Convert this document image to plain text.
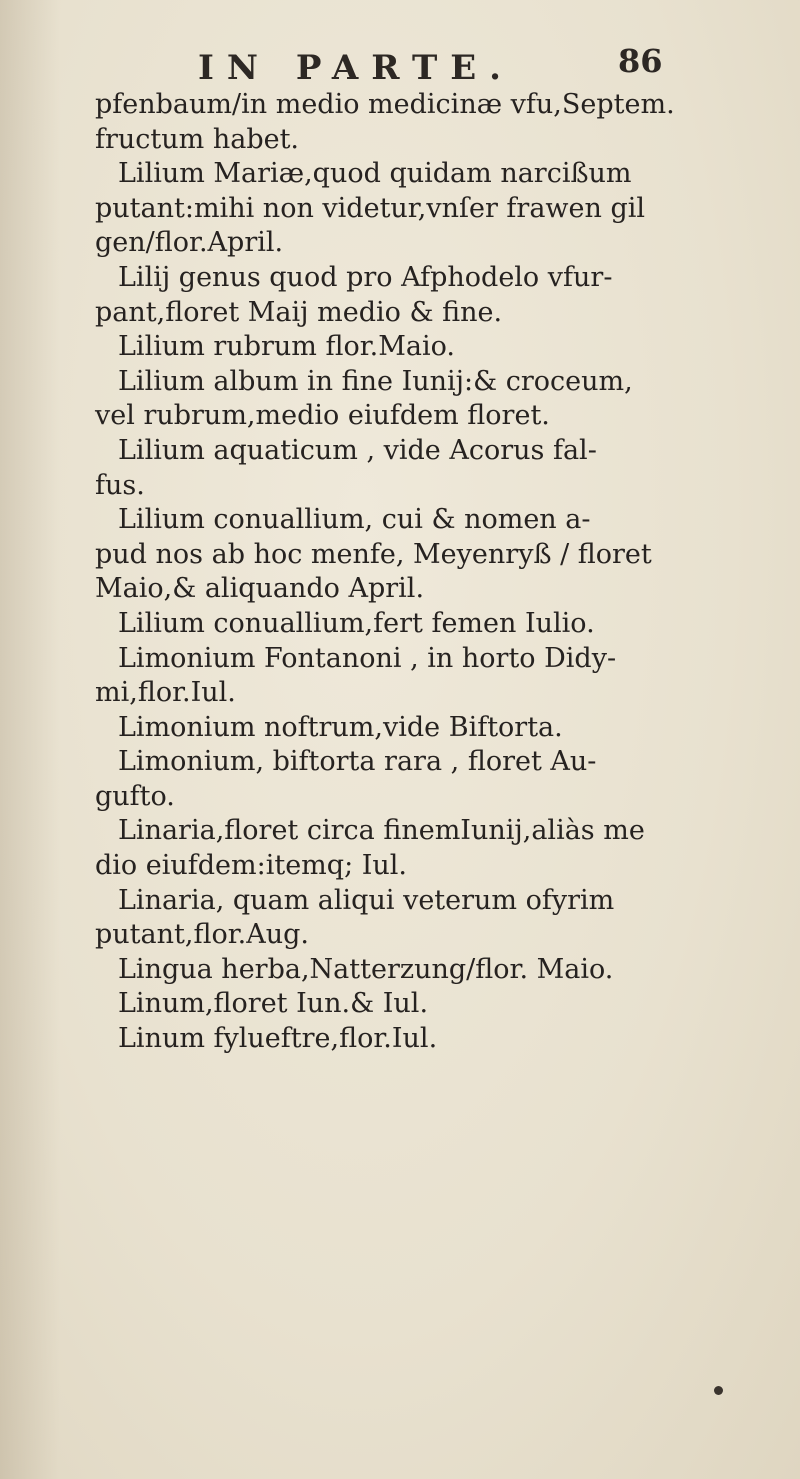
IN PARTE.	86
pfenbaum/in medio medicinæ vfu,Septem.
fructum habet.
Lilium Mariæ,quod quidam narcißum
putant:mihi non videtur,vnſer frawen gil
gen/flor.April.
Lilij genus quod pro Afphodelo vfur-
pant,floret Maij medio & fine.
Lilium rubrum flor.Maio.
Lilium album in fine Iunij:& croceum,
vel rubrum,medio eiufdem floret.
Lilium aquaticum , vide Acorus fal-
fus.
Lilium conuallium, cui & nomen a-
pud nos ab hoc menfe, Meyenryß / floret
Maio,& aliquando April.
Lilium conuallium,fert femen Iulio.
Limonium Fontanoni , in horto Didy-
mi,flor.Iul.
Limonium noftrum,vide Biftorta.
Limonium, biftorta rara , floret Au-
gufto.
Linaria,floret circa finemIunij,aliàs me
dio eiufdem:itemq; Iul.
Linaria, quam aliqui veterum ofyrim
putant,flor.Aug.
Lingua herba,Natterzung/flor. Maio.
Linum,floret Iun.& Iul.
Linum fylueftre,flor.Iul.
